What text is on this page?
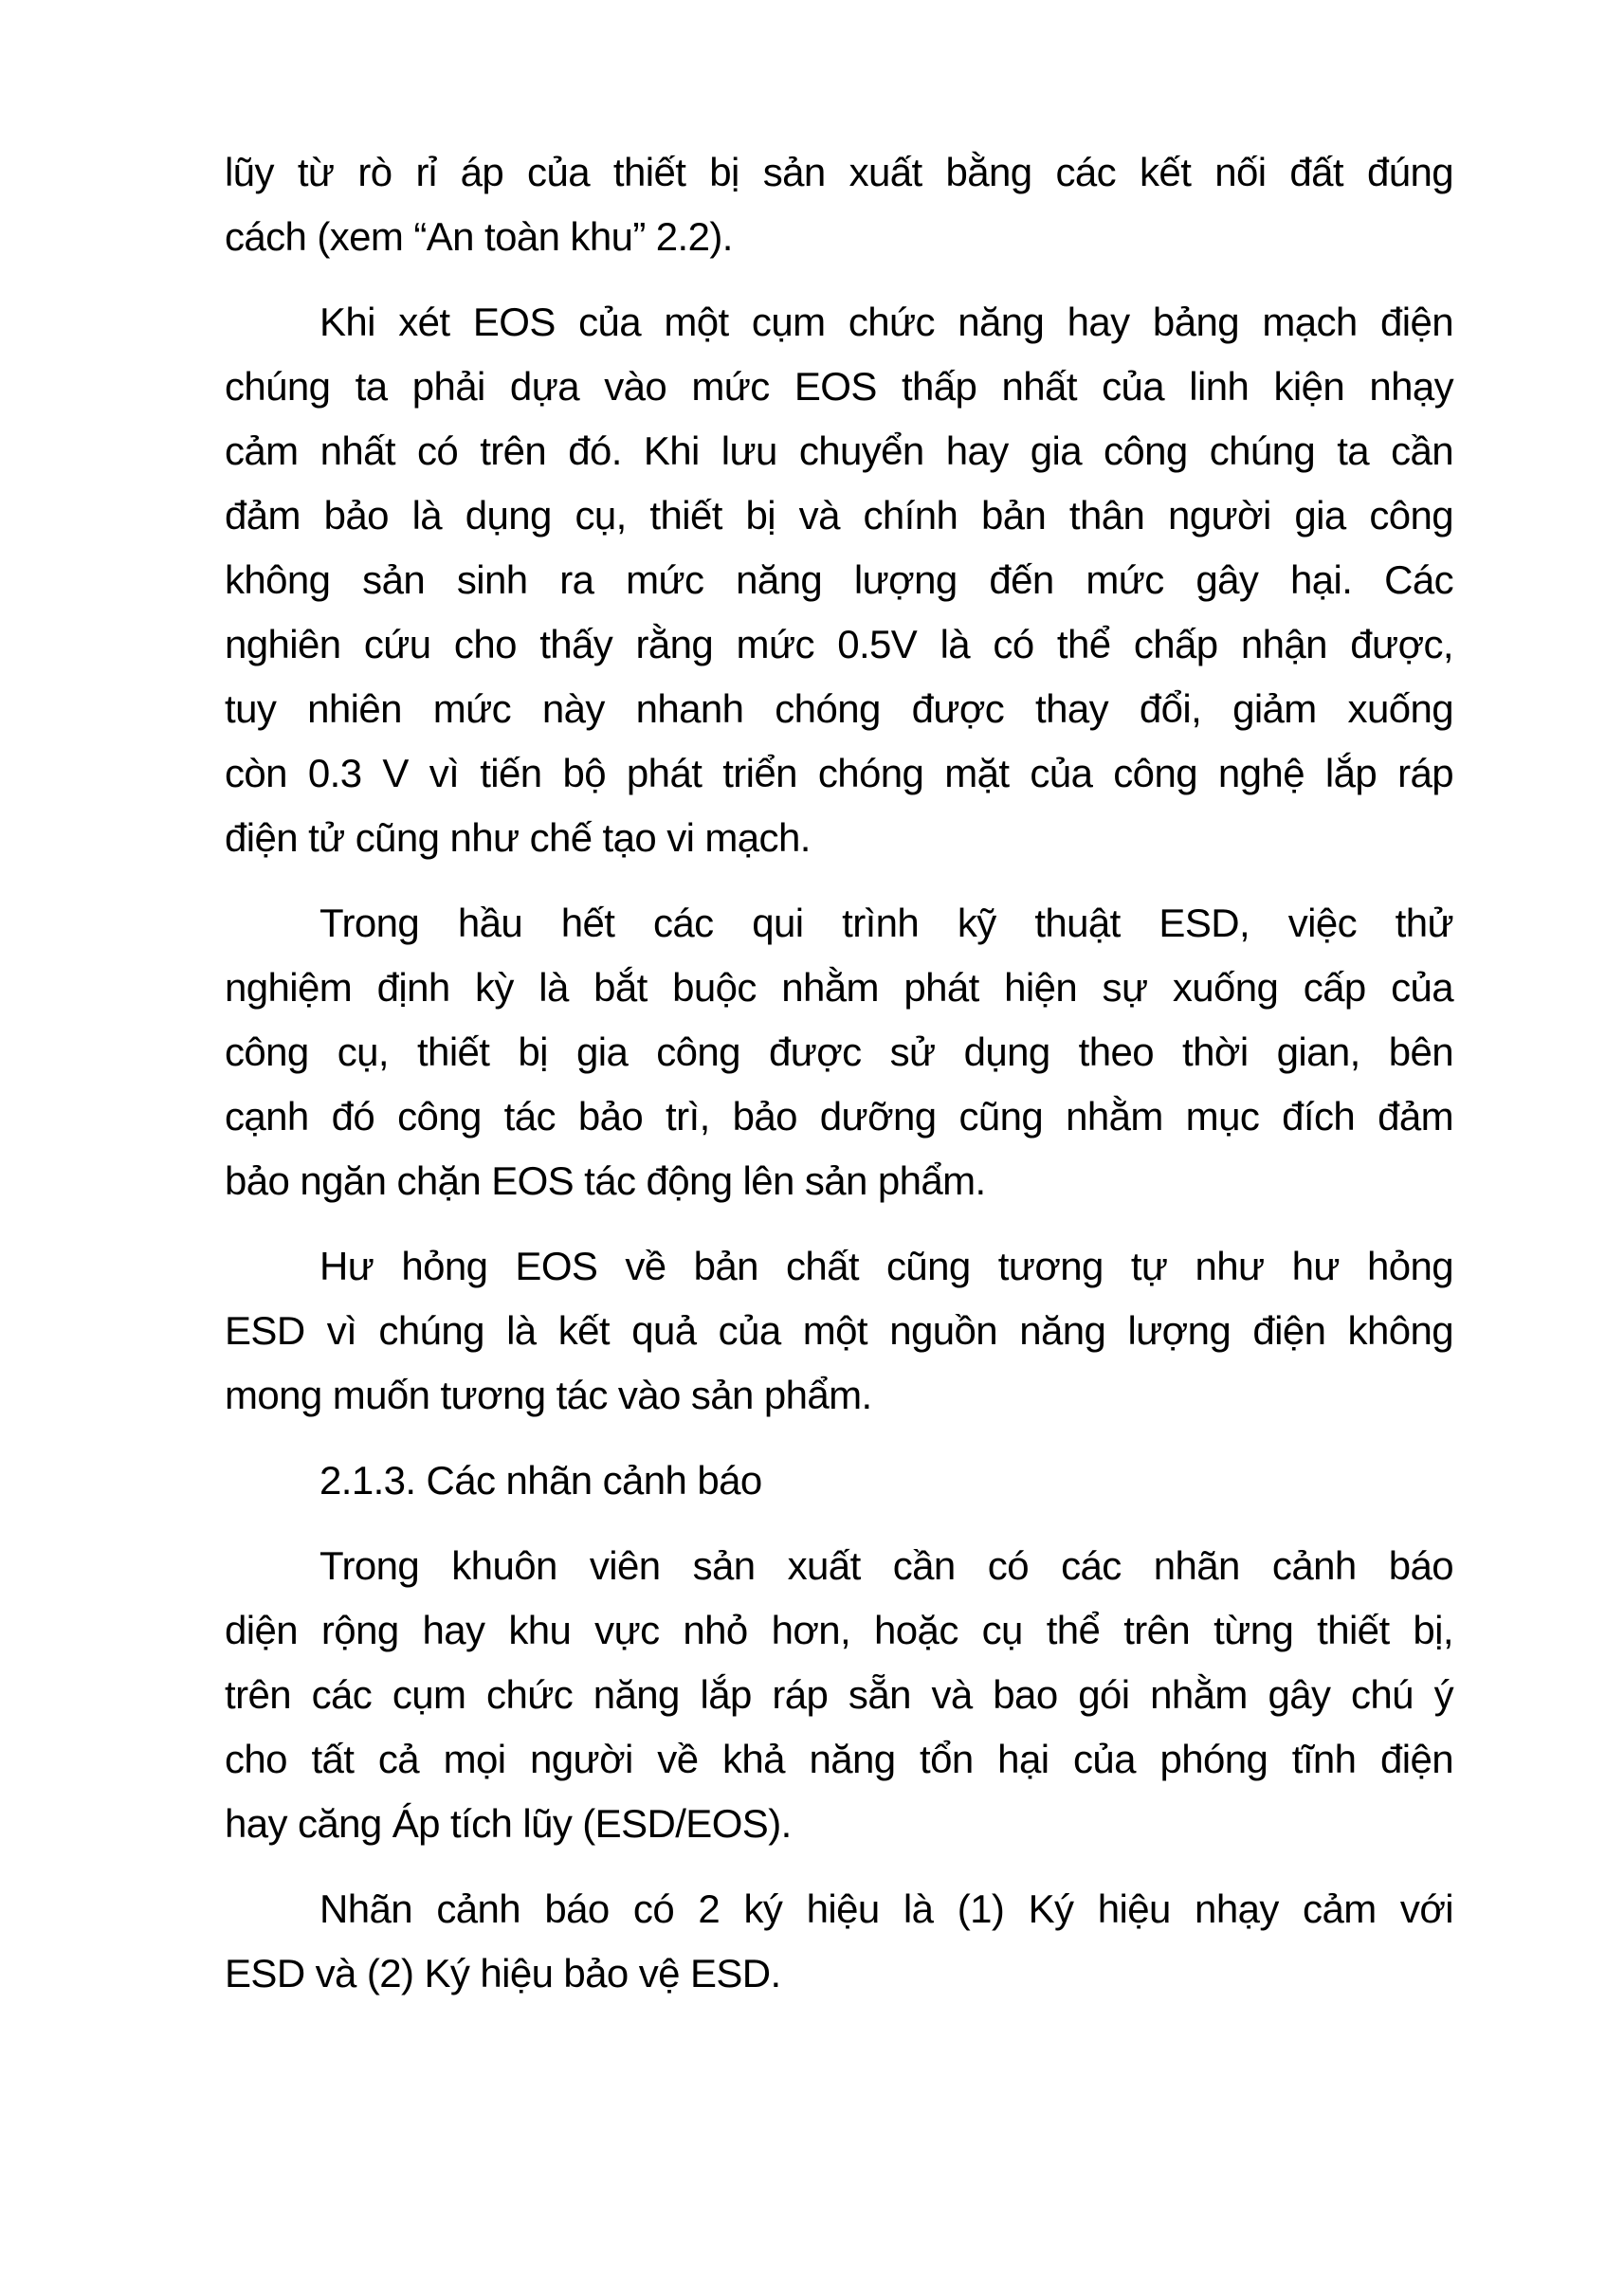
lũy từ rò rỉ áp của thiết bị sản xuất bằng các kết nối đất đúng
cách (xem “An toàn khu” 2.2).
Khi xét EOS của một cụm chức năng hay bảng mạch điện
chúng ta phải dựa vào mức EOS thấp nhất của linh kiện nhạy
cảm nhất có trên đó. Khi lưu chuyển hay gia công chúng ta cần
đảm bảo là dụng cụ, thiết bị và chính bản thân người gia công
không sản sinh ra mức năng lượng đến mức gây hại. Các
nghiên cứu cho thấy rằng mức 0.5V là có thể chấp nhận được,
tuy nhiên mức này nhanh chóng được thay đổi, giảm xuống
còn 0.3 V vì tiến bộ phát triển chóng mặt của công nghệ lắp ráp
điện tử cũng như chế tạo vi mạch.
Trong hầu hết các qui trình kỹ thuật ESD, việc thử
nghiệm định kỳ là bắt buộc nhằm phát hiện sự xuống cấp của
công cụ, thiết bị gia công được sử dụng theo thời gian, bên
cạnh đó công tác bảo trì, bảo dưỡng cũng nhằm mục đích đảm
bảo ngăn chặn EOS tác động lên sản phẩm.
Hư hỏng EOS về bản chất cũng tương tự như hư hỏng
ESD vì chúng là kết quả của một nguồn năng lượng điện không
mong muốn tương tác vào sản phẩm.
2.1.3. Các nhãn cảnh báo
Trong khuôn viên sản xuất cần có các nhãn cảnh báo
diện rộng hay khu vực nhỏ hơn, hoặc cụ thể trên từng thiết bị,
trên các cụm chức năng lắp ráp sẵn và bao gói nhằm gây chú ý
cho tất cả mọi người về khả năng tổn hại của phóng tĩnh điện
hay căng Áp tích lũy (ESD/EOS).
Nhãn cảnh báo có 2 ký hiệu là (1) Ký hiệu nhạy cảm với
ESD và (2) Ký hiệu bảo vệ ESD.
